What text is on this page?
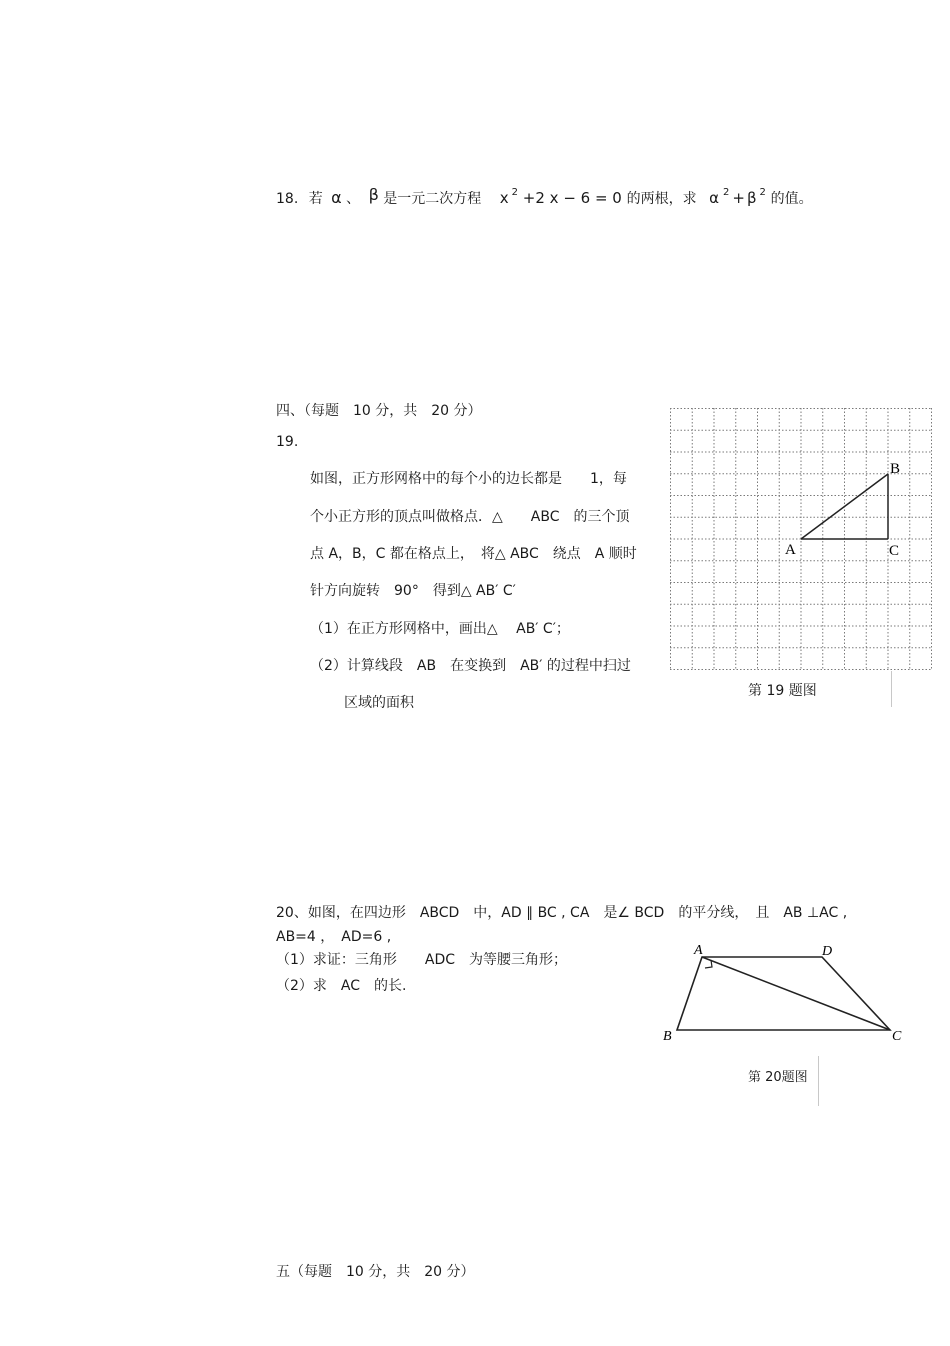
18. 若 α 、 β 是一元二次方程 x $^2$ +2 x − 6 = 0 的两根，求 α $^2$ + β $^2$ 的值。
四、（每题　10 分，共　20 分）
19.
如图，正方形网格中的每个小的边长都是　　1，每
个小正方形的顶点叫做格点．△　　ABC　的三个顶
点 A，B，C 都在格点上，　将△ ABC　绕点　A 顺时
针方向旋转　90°　得到△ AB′ C′
（1）在正方形网格中，画出△　 AB′ C′；
（2）计算线段　AB　在变换到　AB′ 的过程中扫过
区域的面积
A
B
C
第 19 题图
20、如图，在四边形　ABCD　中，AD ∥ BC , CA　是∠ BCD　的平分线，　且　AB ⊥AC ,
AB=4 ，　AD=6 ,
（1）求证：三角形　　ADC　为等腰三角形；
（2）求　AC　的长.
A	D
B	C
第 20题图
五（每题　10 分，共　20 分）
